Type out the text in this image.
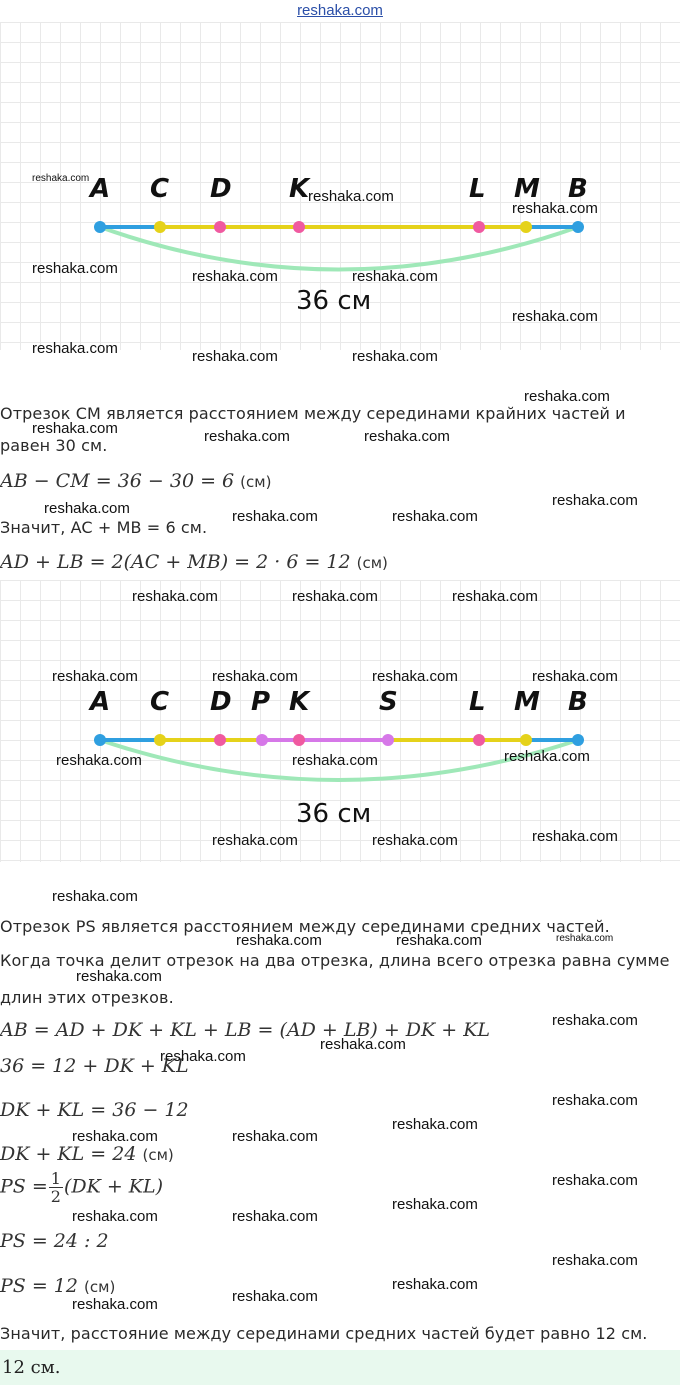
reshaka.com
A C D K	L M B
36 см
Отрезок CM является расстоянием между серединами крайних частей и
равен 30 см.
AB − CM = 36 − 30 = 6 (см)
Значит, AC + MB = 6 см.
AD + LB = 2(AC + MB) = 2 · 6 = 12 (см)
A C D P K	S	L M B
36 см
Отрезок PS является расстоянием между серединами средних частей.
Когда точка делит отрезок на два отрезка, длина всего отрезка равна сумме
длин этих отрезков.
AB = AD + DK + KL + LB = (AD + LB) + DK + KL
36 = 12 + DK + KL
DK + KL = 36 − 12
DK + KL = 24 (см)
PS = $\frac{1}{2} (DK + KL)$
PS = 24 : 2
PS = 12 (см)
Значит, расстояние между серединами средних частей будет равно 12 см.
12 см.
reshaka.com
reshaka.com
reshaka.com
reshaka.com	reshaka.com	reshaka.com
reshaka.com
reshaka.com	reshaka.com	reshaka.com
reshaka.com
reshaka.com	reshaka.com	reshaka.com
reshaka.com
reshaka.com	reshaka.com	reshaka.com
reshaka.com	reshaka.com	reshaka.com
reshaka.com	reshaka.com	reshaka.com	reshaka.com
reshaka.com	reshaka.com	reshaka.com
reshaka.com	reshaka.com	reshaka.com
reshaka.com
reshaka.com	reshaka.com	reshaka.com
reshaka.com
reshaka.com
reshaka.com
reshaka.com
reshaka.com
reshaka.com
reshaka.com	reshaka.com
reshaka.com
reshaka.com
reshaka.com	reshaka.com
reshaka.com
reshaka.com
reshaka.com
reshaka.com
